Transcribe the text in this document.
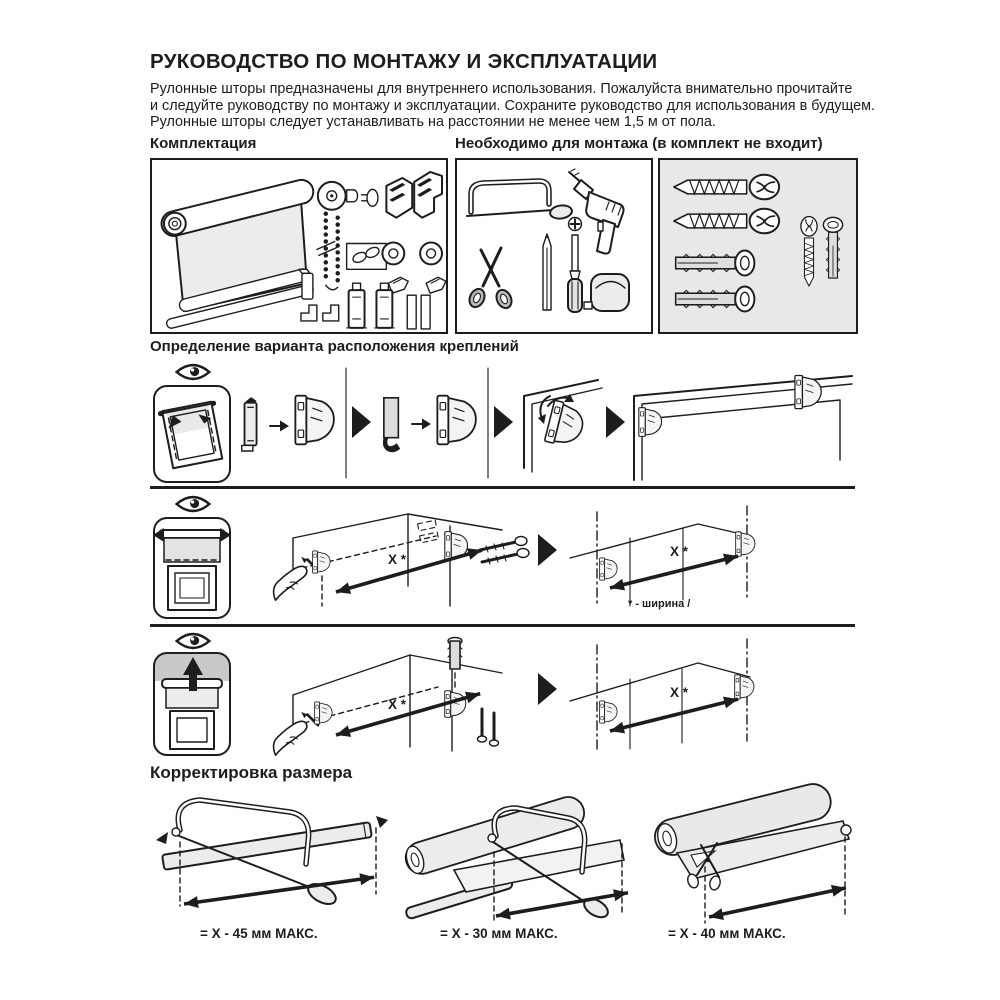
РУКОВОДСТВО ПО МОНТАЖУ И ЭКСПЛУАТАЦИИ
Рулонные шторы предназначены для внутреннего использования. Пожалуйста внимательно прочитайте
и следуйте руководству по монтажу и эксплуатации. Сохраните руководство для использования в будущем.
Рулонные шторы следует устанавливать на расстоянии не менее чем 1,5 м от пола.
Комплектация	Необходимо для монтажа (в комплект не входит)
Определение варианта расположения креплений
X *
X *
* - ширина /
X *
X *
Корректировка размера
= X - 45 мм МАКС.	= X - 30 мм МАКС.	= X - 40 мм МАКС.
